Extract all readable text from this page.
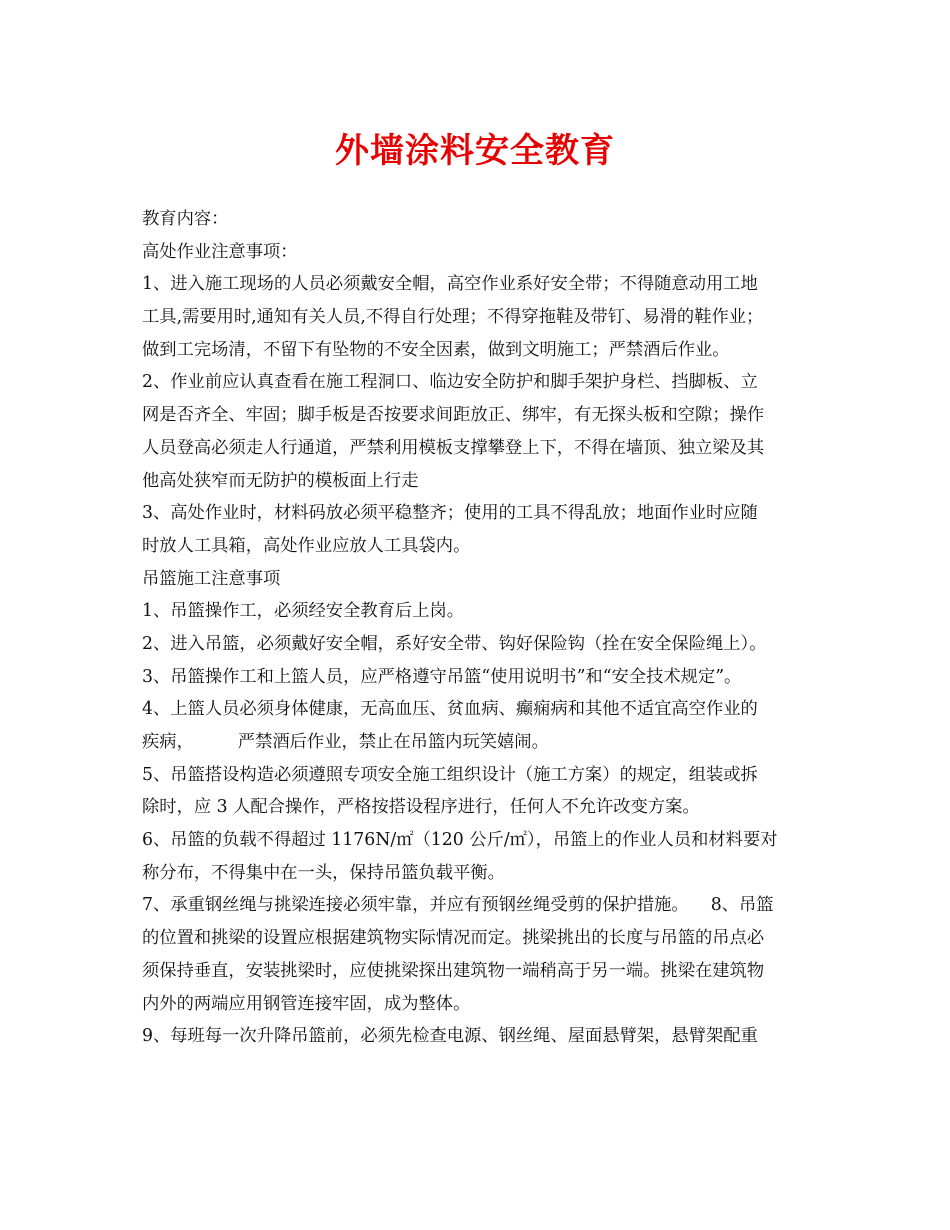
外墙涂料安全教育

教育内容：

高处作业注意事项：

1、进入施工现场的人员必须戴安全帽，高空作业系好安全带；不得随意动用工地

工具,需要用时,通知有关人员,不得自行处理；不得穿拖鞋及带钉、易滑的鞋作业；

做到工完场清，不留下有坠物的不安全因素，做到文明施工；严禁酒后作业。

2、作业前应认真查看在施工程洞口、临边安全防护和脚手架护身栏、挡脚板、立

网是否齐全、牢固；脚手板是否按要求间距放正、绑牢，有无探头板和空隙；操作

人员登高必须走人行通道，严禁利用模板支撑攀登上下，不得在墙顶、独立梁及其

他高处狭窄而无防护的模板面上行走

3、高处作业时，材料码放必须平稳整齐；使用的工具不得乱放；地面作业时应随

时放人工具箱，高处作业应放人工具袋内。

吊篮施工注意事项

1、吊篮操作工，必须经安全教育后上岗。

2、进入吊篮，必须戴好安全帽，系好安全带、钩好保险钩（拴在安全保险绳上）。

3、吊篮操作工和上篮人员，应严格遵守吊篮“使用说明书”和“安全技术规定”。

4、上篮人员必须身体健康，无高血压、贫血病、癫痫病和其他不适宜高空作业的

疾病，        严禁酒后作业，禁止在吊篮内玩笑嬉闹。

5、吊篮搭设构造必须遵照专项安全施工组织设计（施工方案）的规定，组装或拆

除时，应 3 人配合操作，严格按搭设程序进行，任何人不允许改变方案。

6、吊篮的负载不得超过 1176N/㎡（120 公斤/㎡），吊篮上的作业人员和材料要对

称分布，不得集中在一头，保持吊篮负载平衡。

7、承重钢丝绳与挑梁连接必须牢靠，并应有预钢丝绳受剪的保护措施。    8、吊篮

的位置和挑梁的设置应根据建筑物实际情况而定。挑梁挑出的长度与吊篮的吊点必

须保持垂直，安装挑梁时，应使挑梁探出建筑物一端稍高于另一端。挑梁在建筑物

内外的两端应用钢管连接牢固，成为整体。

9、每班每一次升降吊篮前，必须先检查电源、钢丝绳、屋面悬臂架，悬臂架配重
